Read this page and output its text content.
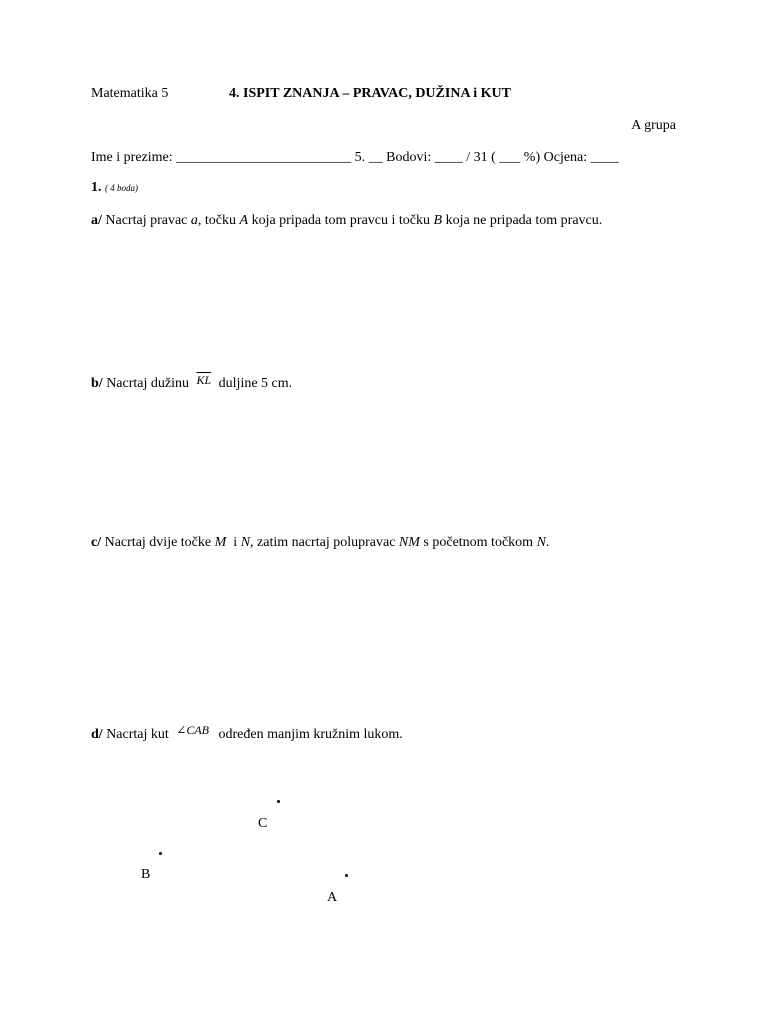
Matematika 5	4. ISPIT ZNANJA – PRAVAC, DUŽINA i KUT
A grupa
Ime i prezime: _________________________ 5. __ Bodovi: ____ / 31 ( ___ %) Ocjena: ____
1. ( 4 boda)
a/ Nacrtaj pravac a, točku A koja pripada tom pravcu i točku B koja ne pripada tom pravcu.
b/ Nacrtaj dužinu $\overline{KL}$ duljine 5 cm.
c/ Nacrtaj dvije točke M  i N, zatim nacrtaj polupravac NM s početnom točkom N.
d/ Nacrtaj kut ∠CAB određen manjim kružnim lukom.
C
B
A
